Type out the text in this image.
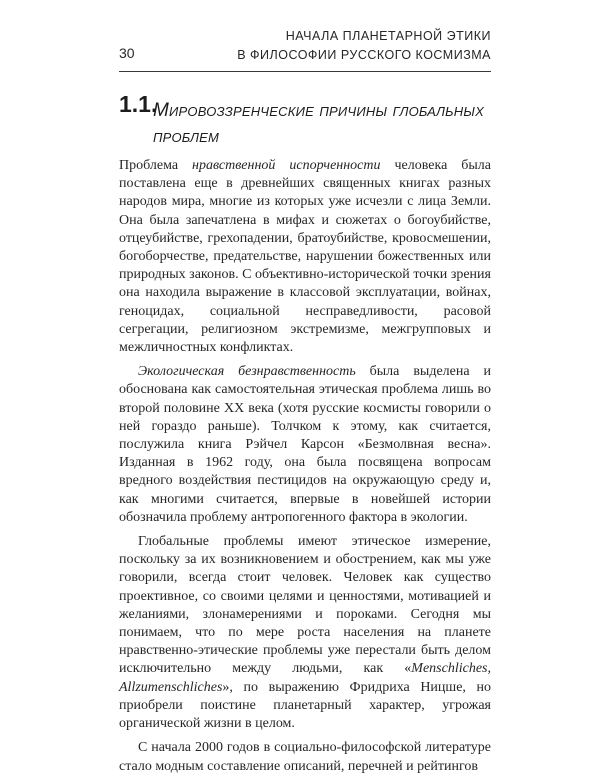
30
НАЧАЛА ПЛАНЕТАРНОЙ ЭТИКИ
В ФИЛОСОФИИ РУССКОГО КОСМИЗМА
1.1.
Мировоззренческие причины глобальных
проблем

Проблема нравственной испорченности человека была поставлена еще в древнейших священных книгах разных народов мира, многие из которых уже исчезли с лица Земли. Она была запечатлена в мифах и сюжетах о богоубийстве, отцеубийстве, грехопадении, братоубийстве, кровосмешении, богоборчестве, предательстве, нарушении божественных или природных законов. С объективно-исторической точки зрения она находила выражение в классовой эксплуатации, войнах, геноцидах, социальной несправедливости, расовой сегрегации, религиозном экстремизме, межгрупповых и межличностных конфликтах.

Экологическая безнравственность была выделена и обоснована как самостоятельная этическая проблема лишь во второй половине XX века (хотя русские космисты говорили о ней гораздо раньше). Толчком к этому, как считается, послужила книга Рэйчел Карсон «Безмолвная весна». Изданная в 1962 году, она была посвящена вопросам вредного воздействия пестицидов на окружающую среду и, как многими считается, впервые в новейшей истории обозначила проблему антропогенного фактора в экологии.

Глобальные проблемы имеют этическое измерение, поскольку за их возникновением и обострением, как мы уже говорили, всегда стоит человек. Человек как существо проективное, со своими целями и ценностями, мотивацией и желаниями, злонамерениями и пороками. Сегодня мы понимаем, что по мере роста населения на планете нравственно-этические проблемы уже перестали быть делом исключительно между людьми, как «Menschliches, Allzumenschliches», по выражению Фридриха Ницше, но приобрели поистине планетарный характер, угрожая органической жизни в целом.

С начала 2000 годов в социально-философской литературе стало модным составление описаний, перечней и рейтингов
